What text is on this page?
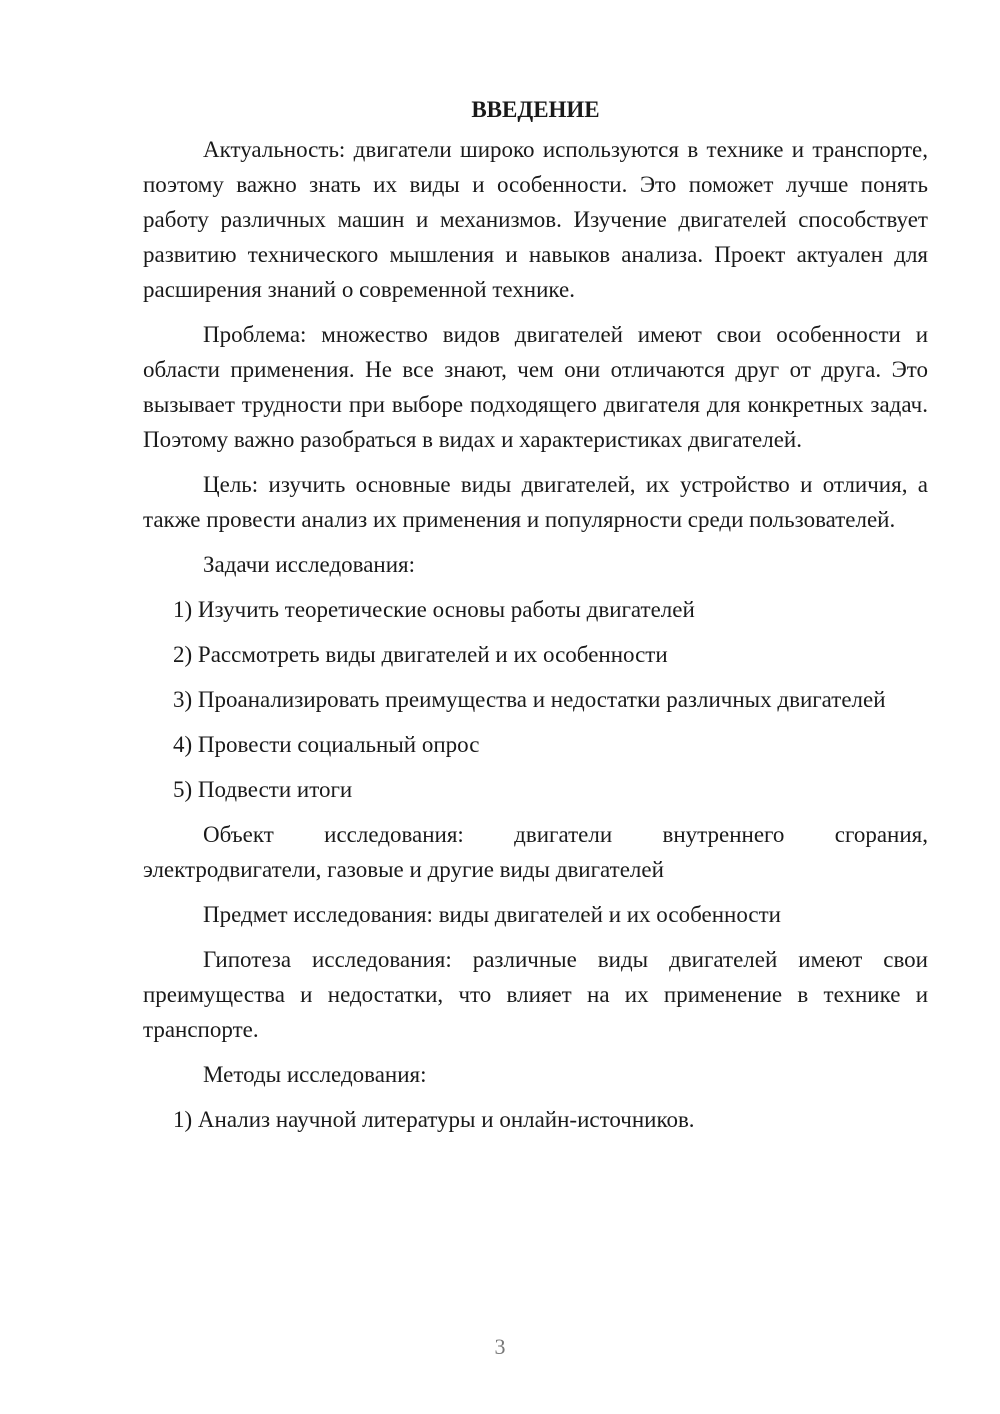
ВВЕДЕНИЕ

Актуальность: двигатели широко используются в технике и транспорте, поэтому важно знать их виды и особенности. Это поможет лучше понять работу различных машин и механизмов. Изучение двигателей способствует развитию технического мышления и навыков анализа. Проект актуален для расширения знаний о современной технике.

Проблема: множество видов двигателей имеют свои особенности и области применения. Не все знают, чем они отличаются друг от друга. Это вызывает трудности при выборе подходящего двигателя для конкретных задач. Поэтому важно разобраться в видах и характеристиках двигателей.

Цель: изучить основные виды двигателей, их устройство и отличия, а также провести анализ их применения и популярности среди пользователей.

Задачи исследования:

1) Изучить теоретические основы работы двигателей

2) Рассмотреть виды двигателей и их особенности

3) Проанализировать преимущества и недостатки различных двигателей

4) Провести социальный опрос

5) Подвести итоги

Объект исследования: двигатели внутреннего сгорания, электродвигатели, газовые и другие виды двигателей

Предмет исследования: виды двигателей и их особенности

Гипотеза исследования: различные виды двигателей имеют свои преимущества и недостатки, что влияет на их применение в технике и транспорте.

Методы исследования:

1) Анализ научной литературы и онлайн-источников.

3
